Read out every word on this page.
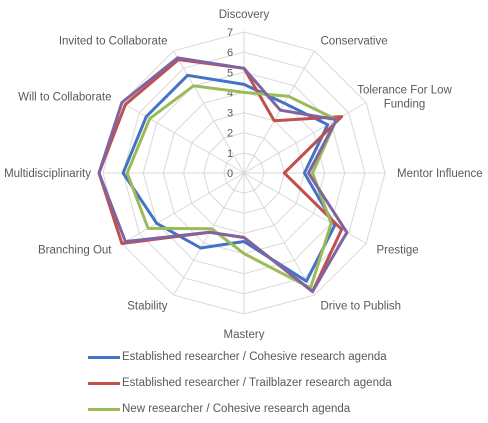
0
1
2
3
4
5
6
7
Discovery
Conservative
Tolerance For Low
Funding
Mentor Influence
Prestige
Drive to Publish
Mastery
Stability
Branching Out
Multidisciplinarity
Will to Collaborate
Invited to Collaborate
Established researcher / Cohesive research agenda
Established researcher / Trailblazer research agenda
New researcher / Cohesive research agenda
